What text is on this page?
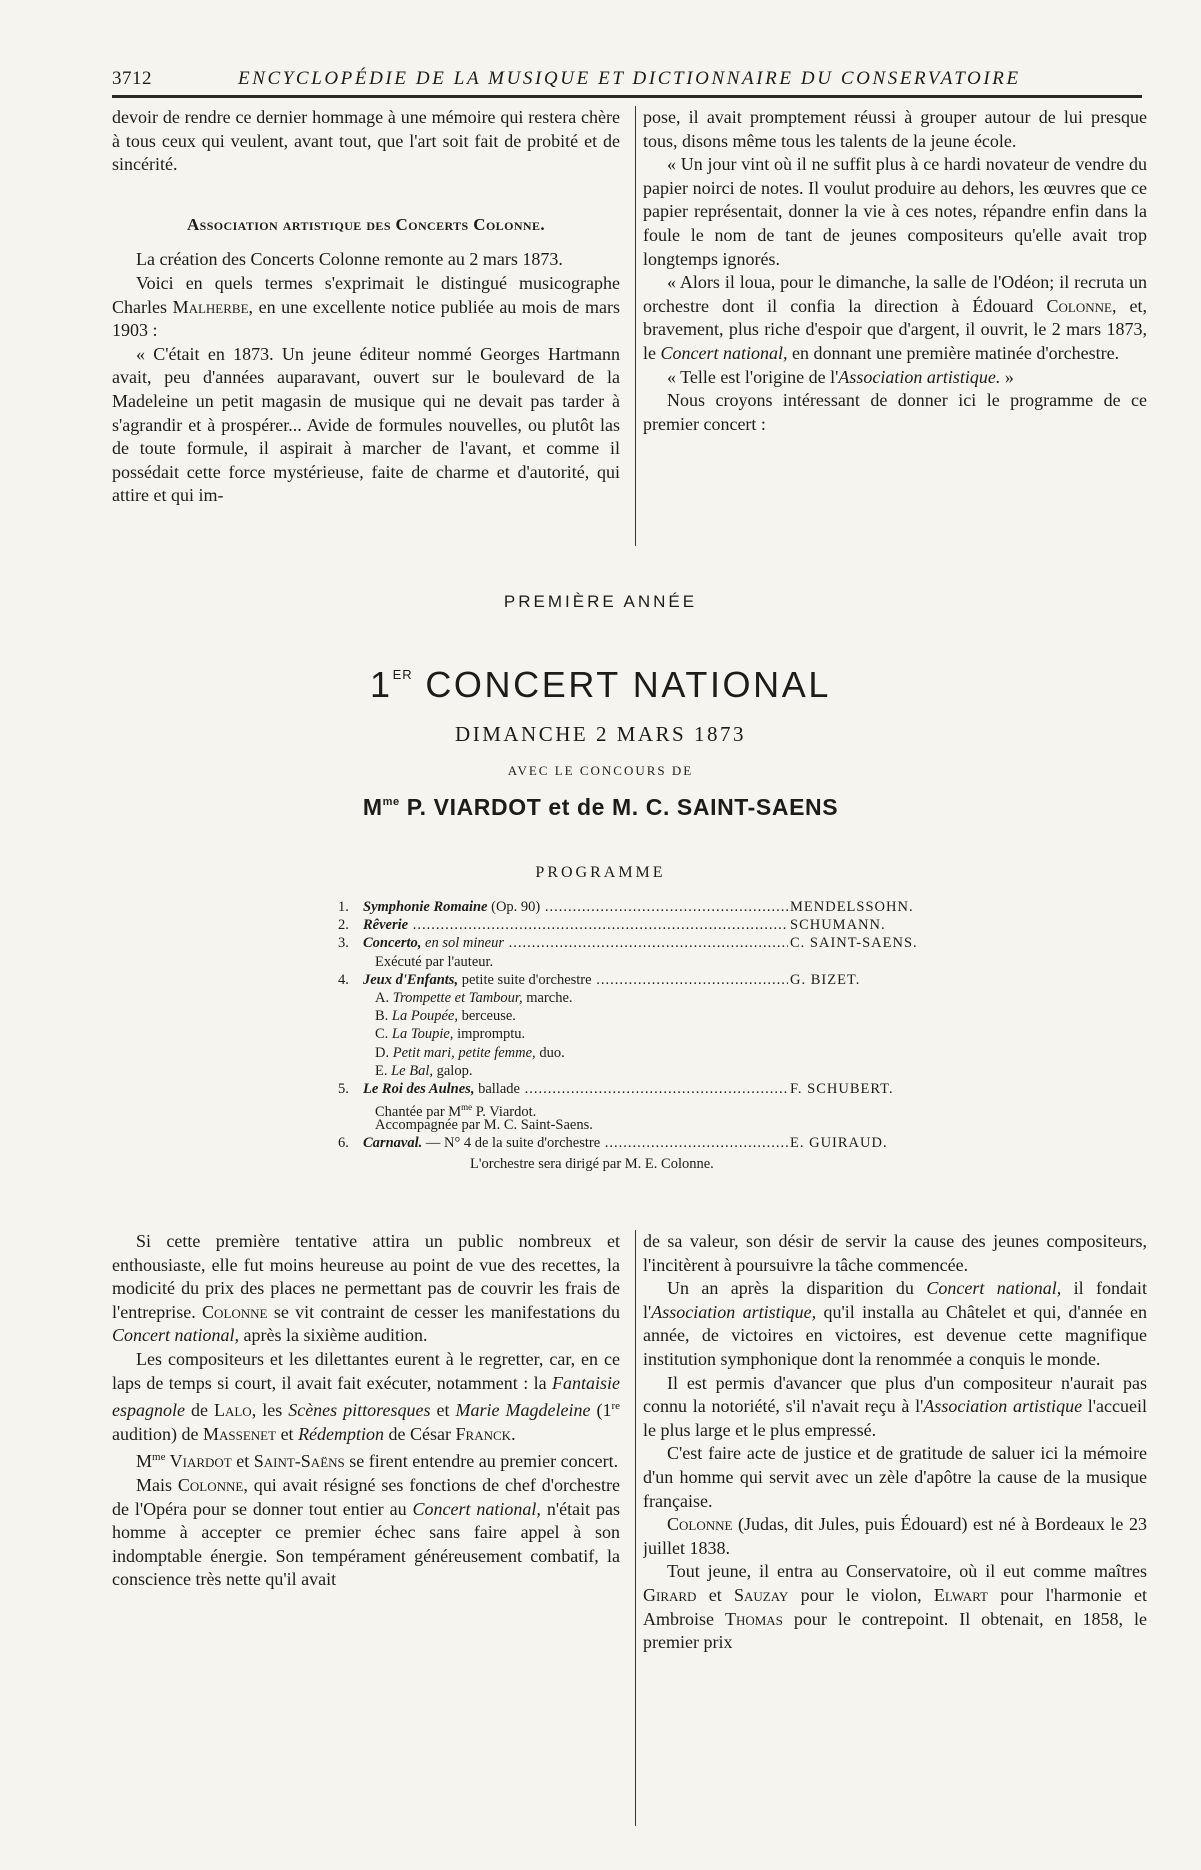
3712	ENCYCLOPÉDIE DE LA MUSIQUE ET DICTIONNAIRE DU CONSERVATOIRE

devoir de rendre ce dernier hommage à une mémoire qui restera chère à tous ceux qui veulent, avant tout, que l'art soit fait de probité et de sincérité.

Association artistique des Concerts Colonne.

La création des Concerts Colonne remonte au 2 mars 1873.

Voici en quels termes s'exprimait le distingué musicographe Charles Malherbe, en une excellente notice publiée au mois de mars 1903 :

« C'était en 1873. Un jeune éditeur nommé Georges Hartmann avait, peu d'années auparavant, ouvert sur le boulevard de la Madeleine un petit magasin de musique qui ne devait pas tarder à s'agrandir et à prospérer... Avide de formules nouvelles, ou plutôt las de toute formule, il aspirait à marcher de l'avant, et comme il possédait cette force mystérieuse, faite de charme et d'autorité, qui attire et qui im-

pose, il avait promptement réussi à grouper autour de lui presque tous, disons même tous les talents de la jeune école.

« Un jour vint où il ne suffit plus à ce hardi novateur de vendre du papier noirci de notes. Il voulut produire au dehors, les œuvres que ce papier représentait, donner la vie à ces notes, répandre enfin dans la foule le nom de tant de jeunes compositeurs qu'elle avait trop longtemps ignorés.

« Alors il loua, pour le dimanche, la salle de l'Odéon; il recruta un orchestre dont il confia la direction à Édouard Colonne, et, bravement, plus riche d'espoir que d'argent, il ouvrit, le 2 mars 1873, le Concert national, en donnant une première matinée d'orchestre.

« Telle est l'origine de l'Association artistique. »

Nous croyons intéressant de donner ici le programme de ce premier concert :

PREMIÈRE ANNÉE
1ER CONCERT NATIONAL
DIMANCHE 2 MARS 1873
AVEC LE CONCOURS DE
$M^{me}$ P. VIARDOT et de M. C. SAINT-SAENS
PROGRAMME
1. Symphonie Romaine (Op. 90) .....	MENDELSSOHN.
2. Rêverie .....	SCHUMANN.
3. Concerto, en sol mineur .....	C. SAINT-SAENS.
Exécuté par l'auteur.
4. Jeux d'Enfants, petite suite d'orchestre .....	G. BIZET.
A. Trompette et Tambour, marche.
B. La Poupée, berceuse.
C. La Toupie, impromptu.
D. Petit mari, petite femme, duo.
E. Le Bal, galop.
5. Le Roi des Aulnes, ballade .....	F. SCHUBERT.
Chantée par $M^{me}$ P. Viardot.
Accompagnée par M. C. Saint-Saens.
6. Carnaval. — N° 4 de la suite d'orchestre .....	E. GUIRAUD.
L'orchestre sera dirigé par M. E. Colonne.

Si cette première tentative attira un public nombreux et enthousiaste, elle fut moins heureuse au point de vue des recettes, la modicité du prix des places ne permettant pas de couvrir les frais de l'entreprise. Colonne se vit contraint de cesser les manifestations du Concert national, après la sixième audition.

Les compositeurs et les dilettantes eurent à le regretter, car, en ce laps de temps si court, il avait fait exécuter, notamment : la Fantaisie espagnole de Lalo, les Scènes pittoresques et Marie Magdeleine (1re audition) de Massenet et Rédemption de César Franck.

$M^{me}$ Viardot et Saint-Saëns se firent entendre au premier concert.

Mais Colonne, qui avait résigné ses fonctions de chef d'orchestre de l'Opéra pour se donner tout entier au Concert national, n'était pas homme à accepter ce premier échec sans faire appel à son indomptable énergie. Son tempérament généreusement combatif, la conscience très nette qu'il avait

de sa valeur, son désir de servir la cause des jeunes compositeurs, l'incitèrent à poursuivre la tâche commencée.

Un an après la disparition du Concert national, il fondait l'Association artistique, qu'il installa au Châtelet et qui, d'année en année, de victoires en victoires, est devenue cette magnifique institution symphonique dont la renommée a conquis le monde.

Il est permis d'avancer que plus d'un compositeur n'aurait pas connu la notoriété, s'il n'avait reçu à l'Association artistique l'accueil le plus large et le plus empressé.

C'est faire acte de justice et de gratitude de saluer ici la mémoire d'un homme qui servit avec un zèle d'apôtre la cause de la musique française.

Colonne (Judas, dit Jules, puis Édouard) est né à Bordeaux le 23 juillet 1838.

Tout jeune, il entra au Conservatoire, où il eut comme maîtres Girard et Sauzay pour le violon, Elwart pour l'harmonie et Ambroise Thomas pour le contrepoint. Il obtenait, en 1858, le premier prix
